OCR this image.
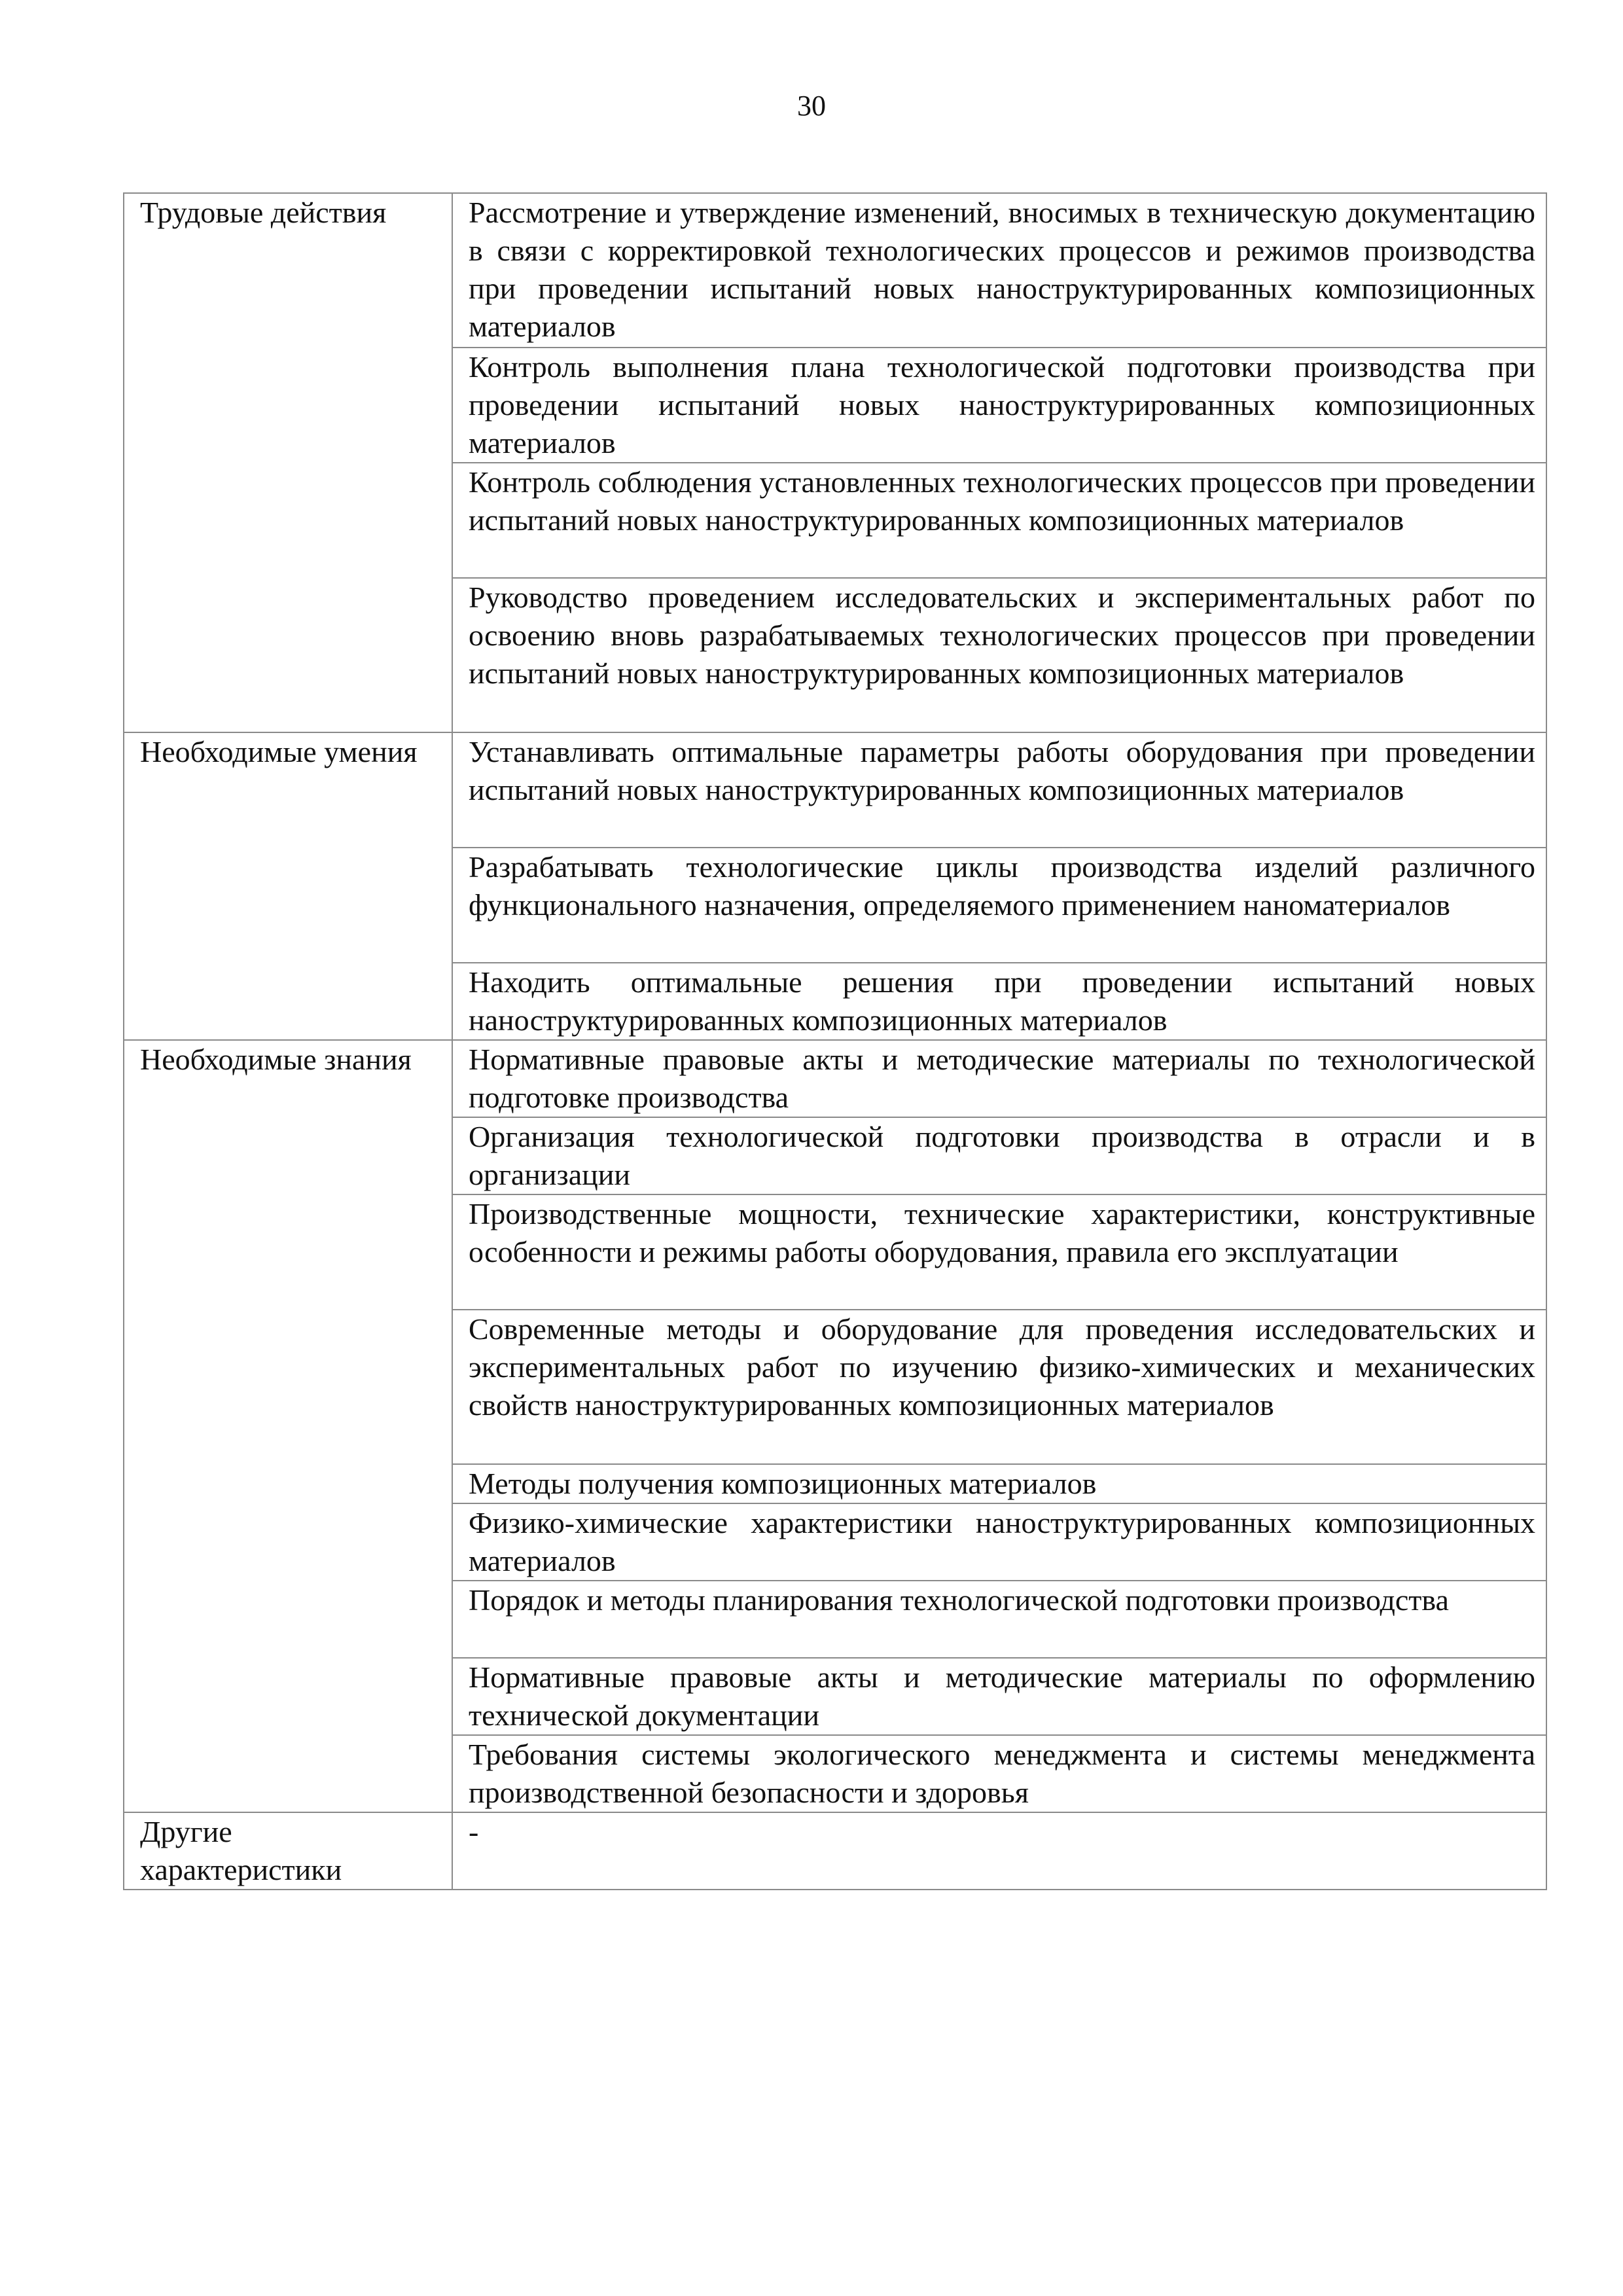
30
Трудовые действия	Рассмотрение и утверждение изменений, вносимых в техническую документацию в связи с корректировкой технологических процессов и режимов производства при проведении испытаний новых наноструктурированных композиционных материалов
	Контроль выполнения плана технологической подготовки производства при проведении испытаний новых наноструктурированных композиционных материалов
	Контроль соблюдения установленных технологических процессов при проведении испытаний новых наноструктурированных композиционных материалов
	Руководство проведением исследовательских и экспериментальных работ по освоению вновь разрабатываемых технологических процессов при проведении испытаний новых наноструктурированных композиционных материалов
Необходимые умения	Устанавливать оптимальные параметры работы оборудования при проведении испытаний новых наноструктурированных композиционных материалов
	Разрабатывать технологические циклы производства изделий различного функционального назначения, определяемого применением наноматериалов
	Находить оптимальные решения при проведении испытаний новых наноструктурированных композиционных материалов
Необходимые знания	Нормативные правовые акты и методические материалы по технологической подготовке производства
	Организация технологической подготовки производства в отрасли и в организации
	Производственные мощности, технические характеристики, конструктивные особенности и режимы работы оборудования, правила его эксплуатации
	Современные методы и оборудование для проведения исследовательских и экспериментальных работ по изучению физико-химических и механических свойств наноструктурированных композиционных материалов
	Методы получения композиционных материалов
	Физико-химические характеристики наноструктурированных композиционных материалов
	Порядок и методы планирования технологической подготовки производства
	Нормативные правовые акты и методические материалы по оформлению технической документации
	Требования системы экологического менеджмента и системы менеджмента производственной безопасности и здоровья
Другие характеристики	-
